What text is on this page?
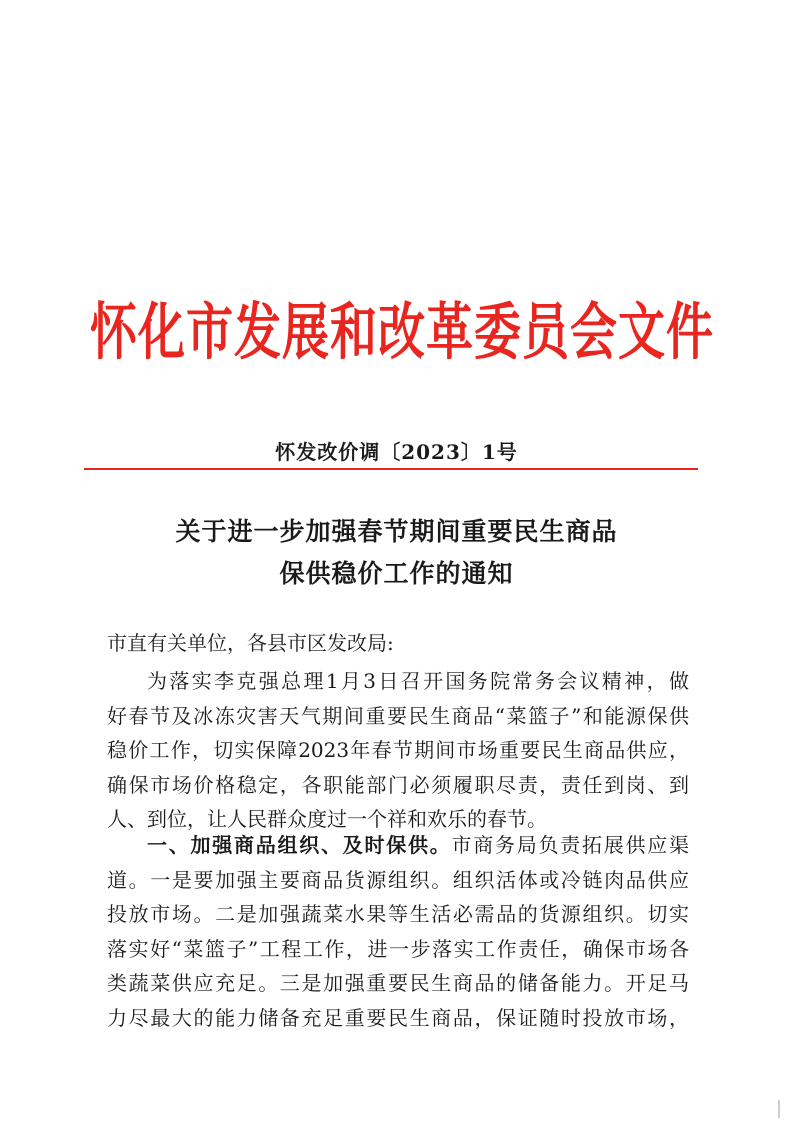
怀化市发展和改革委员会文件
怀发改价调〔2023〕1号
关于进一步加强春节期间重要民生商品
保供稳价工作的通知
市直有关单位，各县市区发改局:
为落实李克强总理1月3日召开国务院常务会议精神，做
好春节及冰冻灾害天气期间重要民生商品“菜篮子”和能源保供
稳价工作，切实保障2023年春节期间市场重要民生商品供应，
确保市场价格稳定，各职能部门必须履职尽责，责任到岗、到
人、到位，让人民群众度过一个祥和欢乐的春节。
一、加强商品组织、及时保供。市商务局负责拓展供应渠
道。一是要加强主要商品货源组织。组织活体或冷链肉品供应
投放市场。二是加强蔬菜水果等生活必需品的货源组织。切实
落实好“菜篮子”工程工作，进一步落实工作责任，确保市场各
类蔬菜供应充足。三是加强重要民生商品的储备能力。开足马
力尽最大的能力储备充足重要民生商品，保证随时投放市场，
